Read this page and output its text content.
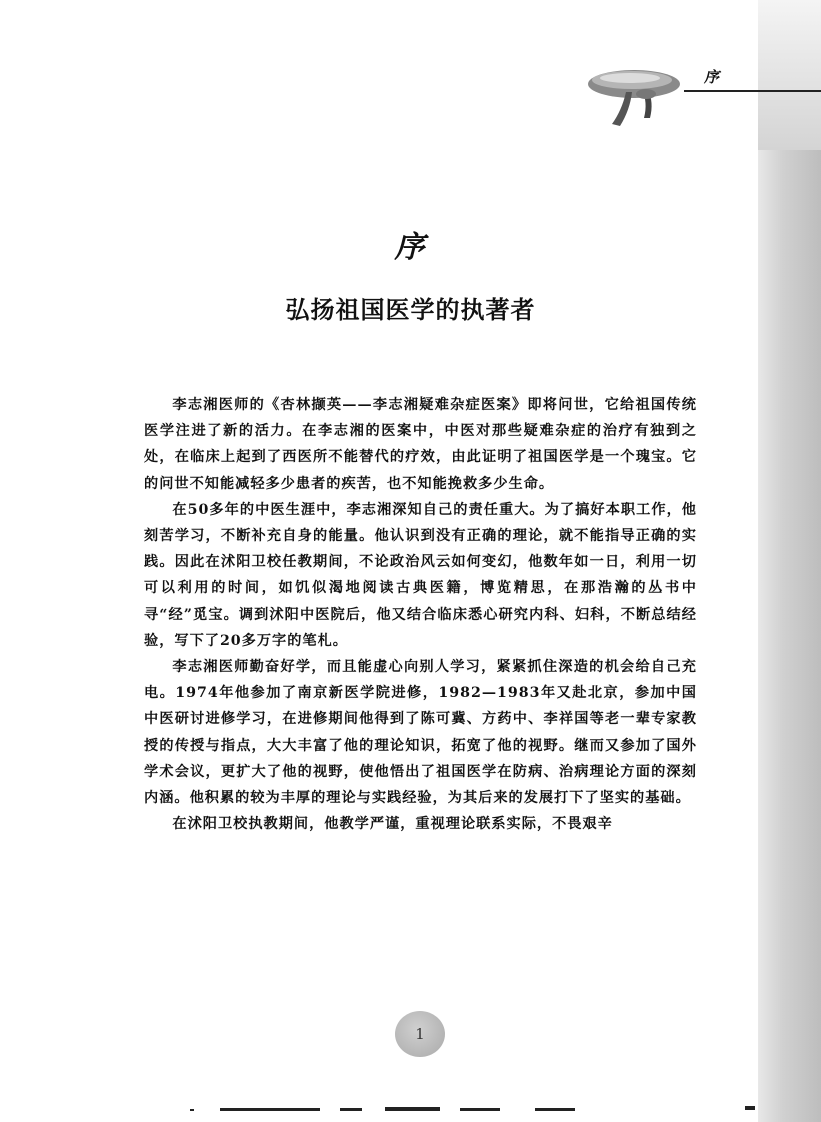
序
序
弘扬祖国医学的执著者

李志湘医师的《杏林撷英——李志湘疑难杂症医案》即将问世，它给祖国传统医学注进了新的活力。在李志湘的医案中，中医对那些疑难杂症的治疗有独到之处，在临床上起到了西医所不能替代的疗效，由此证明了祖国医学是一个瑰宝。它的问世不知能减轻多少患者的疾苦，也不知能挽救多少生命。

在50多年的中医生涯中，李志湘深知自己的责任重大。为了搞好本职工作，他刻苦学习，不断补充自身的能量。他认识到没有正确的理论，就不能指导正确的实践。因此在沭阳卫校任教期间，不论政治风云如何变幻，他数年如一日，利用一切可以利用的时间，如饥似渴地阅读古典医籍，博览精思，在那浩瀚的丛书中寻“经”觅宝。调到沭阳中医院后，他又结合临床悉心研究内科、妇科，不断总结经验，写下了20多万字的笔札。

李志湘医师勤奋好学，而且能虚心向别人学习，紧紧抓住深造的机会给自己充电。1974年他参加了南京新医学院进修，1982—1983年又赴北京，参加中国中医研讨进修学习，在进修期间他得到了陈可冀、方药中、李祥国等老一辈专家教授的传授与指点，大大丰富了他的理论知识，拓宽了他的视野。继而又参加了国外学术会议，更扩大了他的视野，使他悟出了祖国医学在防病、治病理论方面的深刻内涵。他积累的较为丰厚的理论与实践经验，为其后来的发展打下了坚实的基础。

在沭阳卫校执教期间，他教学严谨，重视理论联系实际，不畏艰辛

1
